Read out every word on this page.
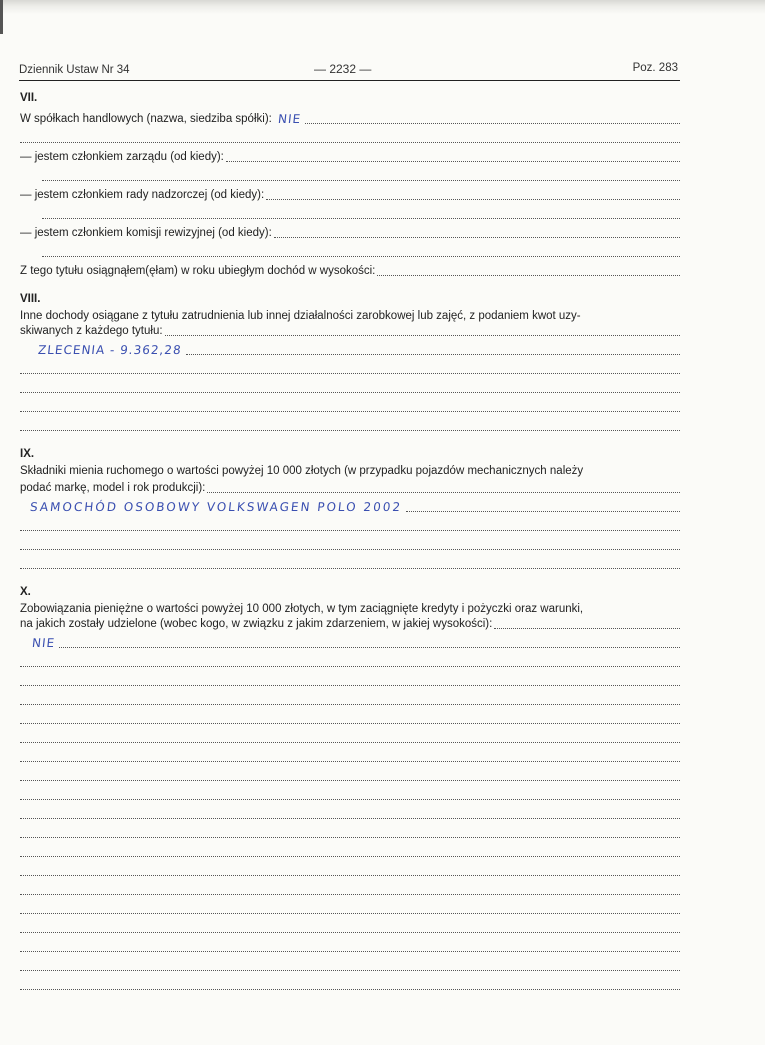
Dziennik Ustaw Nr 34	— 2232 —	Poz. 283
VII.
W spółkach handlowych (nazwa, siedziba spółki): NIE
— jestem członkiem zarządu (od kiedy):
— jestem członkiem rady nadzorczej (od kiedy):
— jestem członkiem komisji rewizyjnej (od kiedy):
Z tego tytułu osiągnąłem(ęłam) w roku ubiegłym dochód w wysokości:
VIII.
Inne dochody osiągane z tytułu zatrudnienia lub innej działalności zarobkowej lub zajęć, z podaniem kwot uzy-
skiwanych z każdego tytułu:
ZLECENIA - 9.362,28
IX.
Składniki mienia ruchomego o wartości powyżej 10 000 złotych (w przypadku pojazdów mechanicznych należy
podać markę, model i rok produkcji):
SAMOCHÓD OSOBOWY VOLKSWAGEN POLO 2002
X.
Zobowiązania pieniężne o wartości powyżej 10 000 złotych, w tym zaciągnięte kredyty i pożyczki oraz warunki,
na jakich zostały udzielone (wobec kogo, w związku z jakim zdarzeniem, w jakiej wysokości):
NIE
